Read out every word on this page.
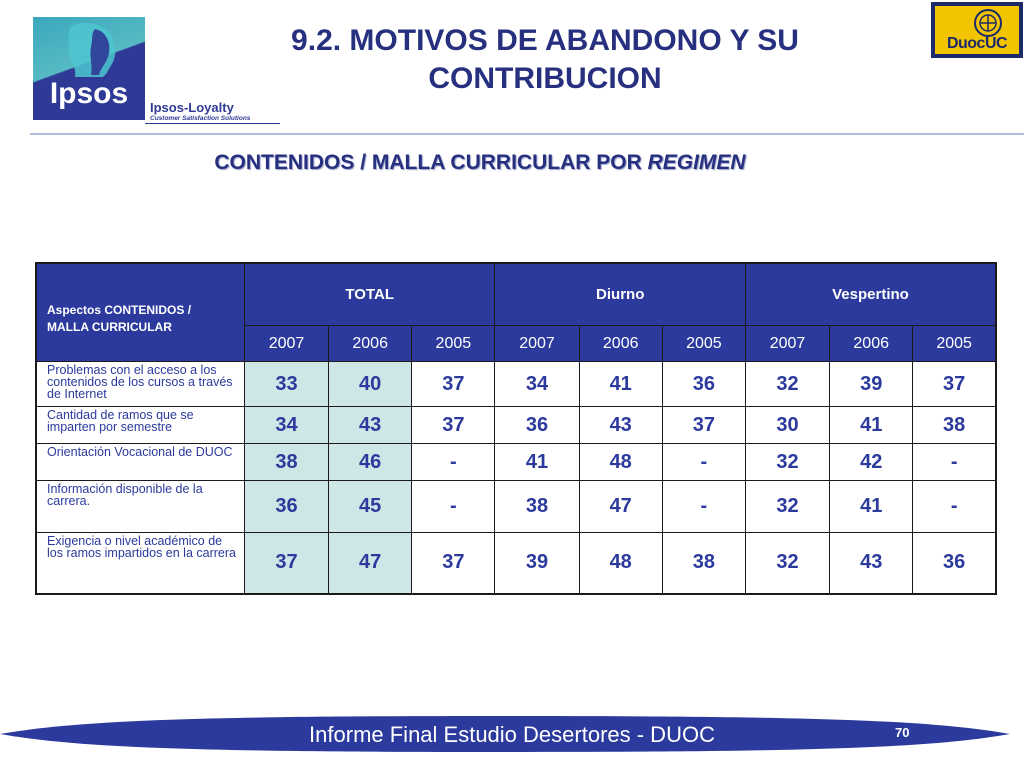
Ipsos	Ipsos-Loyalty
Customer Satisfaction Solutions
DuocUC
9.2. MOTIVOS DE ABANDONO Y SU
CONTRIBUCION
CONTENIDOS / MALLA CURRICULAR POR REGIMEN
Aspectos CONTENIDOS /
MALLA CURRICULAR	TOTAL			Diurno			Vespertino		
	2007	2006	2005	2007	2006	2005	2007	2006	2005
Problemas con el acceso a los contenidos de los cursos a través de Internet	33	40	37	34	41	36	32	39	37
Cantidad de ramos que se imparten por semestre	34	43	37	36	43	37	30	41	38
Orientación Vocacional de DUOC	38	46	-	41	48	-	32	42	-
Información disponible de la carrera.	36	45	-	38	47	-	32	41	-
Exigencia o nivel académico de los ramos impartidos en la carrera	37	47	37	39	48	38	32	43	36
Informe Final Estudio Desertores - DUOC	70
